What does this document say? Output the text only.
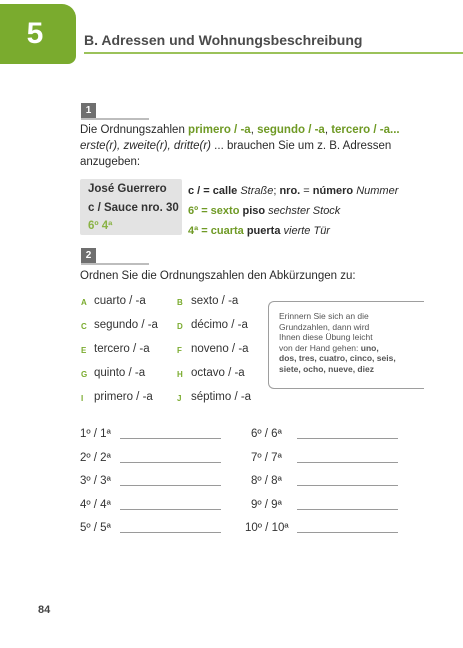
5	B. Adressen und Wohnungsbeschreibung
1
Die Ordnungszahlen primero / -a, segundo / -a, tercero / -a...
erste(r), zweite(r), dritte(r) ... brauchen Sie um z. B. Adressen
anzugeben:
José Guerrero
c / Sauce nro. 30
6º 4ª
c / = calle Straße; nro. = número Nummer
6º = sexto piso sechster Stock
4ª = cuarta puerta vierte Tür
2
Ordnen Sie die Ordnungszahlen den Abkürzungen zu:
A cuarto / -a
C segundo / -a
E tercero / -a
G quinto / -a
I primero / -a
B sexto / -a
D décimo / -a
F noveno / -a
H octavo / -a
J séptimo / -a
Erinnern Sie sich an die
Grundzahlen, dann wird
Ihnen diese Übung leicht
von der Hand gehen: uno,
dos, tres, cuatro, cinco, seis,
siete, ocho, nueve, diez
1º / 1ª
2º / 2ª
3º / 3ª
4º / 4ª
5º / 5ª
6º / 6ª
7º / 7ª
8º / 8ª
9º / 9ª
10º / 10ª
84
